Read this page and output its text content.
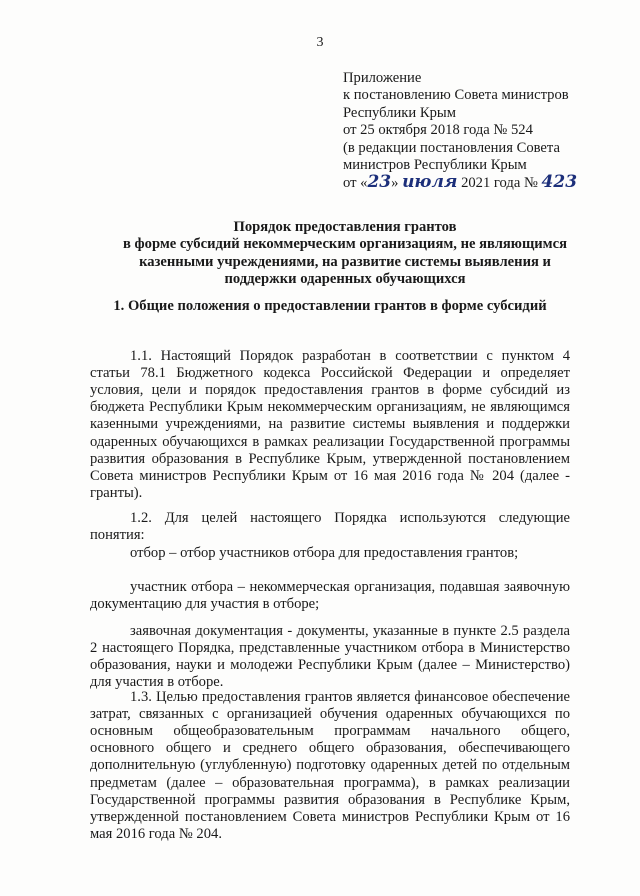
3
Приложение
к постановлению Совета министров
Республики Крым
от 25 октября 2018 года № 524
(в редакции постановления Совета
министров Республики Крым
от «23» июля 2021 года № 423
Порядок предоставления грантов
в форме субсидий некоммерческим организациям, не являющимся
казенными учреждениями, на развитие системы выявления и
поддержки одаренных обучающихся
1. Общие положения о предоставлении грантов в форме субсидий

1.1. Настоящий Порядок разработан в соответствии с пунктом 4 статьи 78.1 Бюджетного кодекса Российской Федерации и определяет условия, цели и порядок предоставления грантов в форме субсидий из бюджета Республики Крым некоммерческим организациям, не являющимся казенными учреждениями, на развитие системы выявления и поддержки одаренных обучающихся в рамках реализации Государственной программы развития образования в Республике Крым, утвержденной постановлением Совета министров Республики Крым от 16 мая 2016 года № 204 (далее - гранты).

1.2. Для целей настоящего Порядка используются следующие понятия:

отбор – отбор участников отбора для предоставления грантов;

участник отбора – некоммерческая организация, подавшая заявочную документацию для участия в отборе;

заявочная документация - документы, указанные в пункте 2.5 раздела 2 настоящего Порядка, представленные участником отбора в Министерство образования, науки и молодежи Республики Крым (далее – Министерство) для участия в отборе.

1.3. Целью предоставления грантов является финансовое обеспечение затрат, связанных с организацией обучения одаренных обучающихся по основным общеобразовательным программам начального общего, основного общего и среднего общего образования, обеспечивающего дополнительную (углубленную) подготовку одаренных детей по отдельным предметам (далее – образовательная программа), в рамках реализации Государственной программы развития образования в Республике Крым, утвержденной постановлением Совета министров Республики Крым от 16 мая 2016 года № 204.
